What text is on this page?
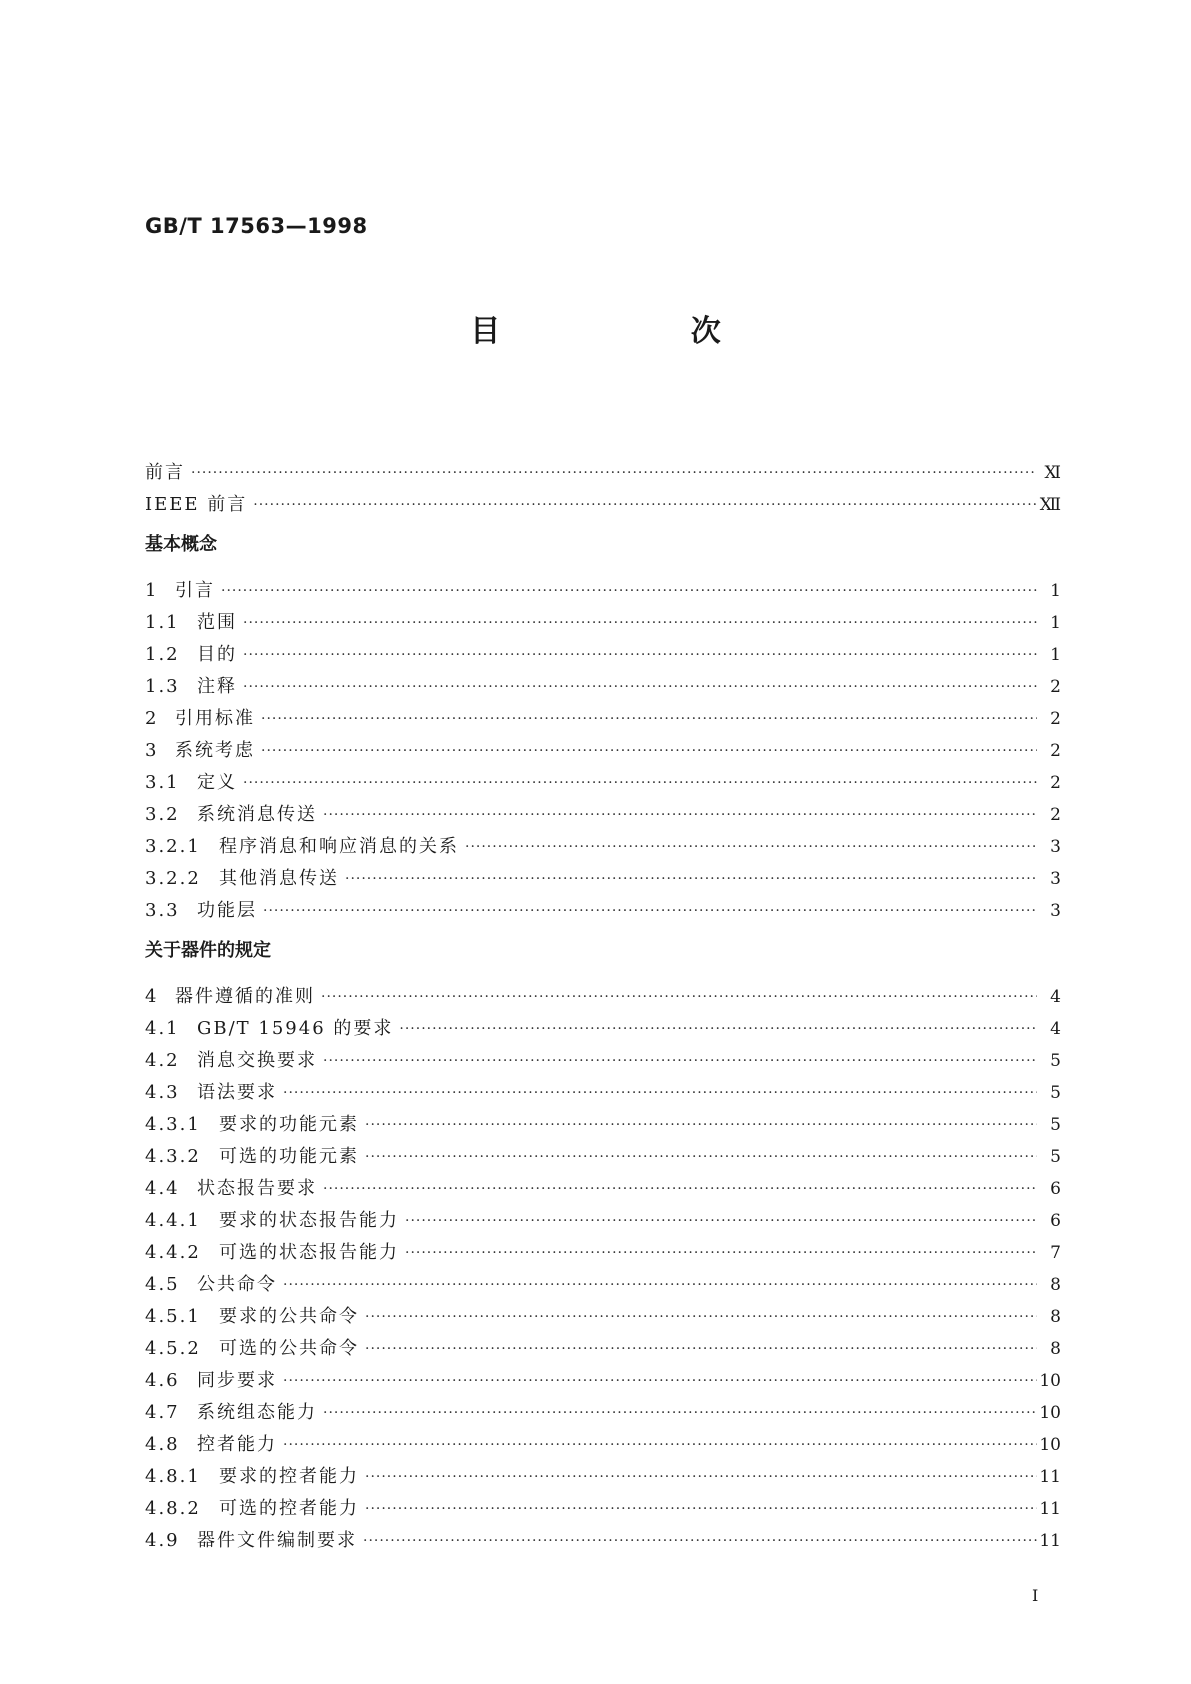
GB/T 17563—1998
目 次
前言 ·····	Ⅺ
IEEE 前言 ·····	Ⅻ
基本概念
1 引言 ·····	1
1.1 范围 ·····	1
1.2 目的 ·····	1
1.3 注释 ·····	2
2 引用标准 ·····	2
3 系统考虑 ·····	2
3.1 定义 ·····	2
3.2 系统消息传送 ·····	2
3.2.1	程序消息和响应消息的关系 ·····	3
3.2.2	其他消息传送 ·····	3
3.3 功能层 ·····	3
关于器件的规定
4 器件遵循的准则 ·····	4
4.1 GB/T 15946 的要求 ·····	4
4.2 消息交换要求 ·····	5
4.3 语法要求 ·····	5
4.3.1	要求的功能元素 ·····	5
4.3.2	可选的功能元素 ·····	5
4.4 状态报告要求 ·····	6
4.4.1	要求的状态报告能力 ·····	6
4.4.2	可选的状态报告能力 ·····	7
4.5 公共命令 ·····	8
4.5.1	要求的公共命令 ·····	8
4.5.2	可选的公共命令 ·····	8
4.6 同步要求 ·····	10
4.7 系统组态能力 ·····	10
4.8 控者能力 ·····	10
4.8.1	要求的控者能力 ·····	11
4.8.2	可选的控者能力 ·····	11
4.9 器件文件编制要求 ·····	11
Ⅰ
